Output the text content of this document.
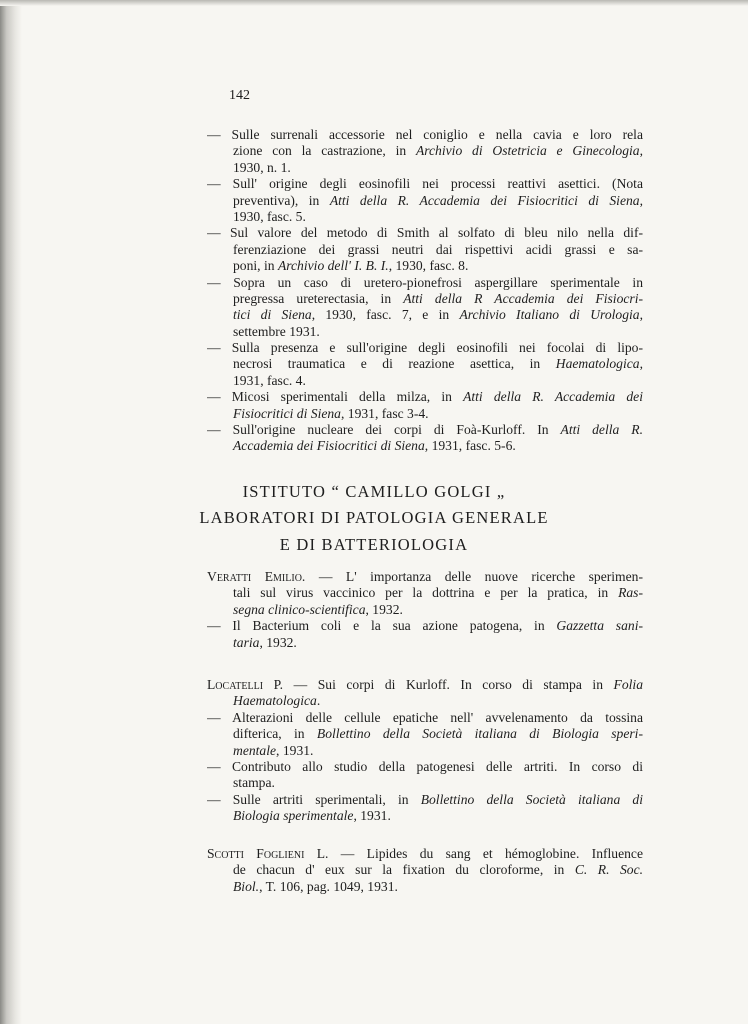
142
— Sulle surrenali accessorie nel coniglio e nella cavia e loro rela
zione con la castrazione, in Archivio di Ostetricia e Ginecologia,
1930, n. 1.
— Sull' origine degli eosinofili nei processi reattivi asettici. (Nota
preventiva), in Atti della R. Accademia dei Fisiocritici di Siena,
1930, fasc. 5.
— Sul valore del metodo di Smith al solfato di bleu nilo nella dif-
ferenziazione dei grassi neutri dai rispettivi acidi grassi e sa-
poni, in Archivio dell' I. B. I., 1930, fasc. 8.
— Sopra un caso di uretero-pionefrosi aspergillare sperimentale in
pregressa ureterectasia, in Atti della R Accademia dei Fisiocri-
tici di Siena, 1930, fasc. 7, e in Archivio Italiano di Urologia,
settembre 1931.
— Sulla presenza e sull'origine degli eosinofili nei focolai di lipo-
necrosi traumatica e di reazione asettica, in Haematologica,
1931, fasc. 4.
— Micosi sperimentali della milza, in Atti della R. Accademia dei
Fisiocritici di Siena, 1931, fasc 3-4.
— Sull'origine nucleare dei corpi di Foà-Kurloff. In Atti della R.
Accademia dei Fisiocritici di Siena, 1931, fasc. 5-6.
ISTITUTO “ CAMILLO GOLGI „
LABORATORI DI PATOLOGIA GENERALE
E DI BATTERIOLOGIA
Veratti Emilio. — L' importanza delle nuove ricerche sperimen-
tali sul virus vaccinico per la dottrina e per la pratica, in Ras-
segna clinico-scientifica, 1932.
— Il Bacterium coli e la sua azione patogena, in Gazzetta sani-
taria, 1932.
Locatelli P. — Sui corpi di Kurloff. In corso di stampa in Folia
Haematologica.
— Alterazioni delle cellule epatiche nell' avvelenamento da tossina
difterica, in Bollettino della Società italiana di Biologia speri-
mentale, 1931.
— Contributo allo studio della patogenesi delle artriti. In corso di
stampa.
— Sulle artriti sperimentali, in Bollettino della Società italiana di
Biologia sperimentale, 1931.
Scotti Foglieni L. — Lipides du sang et hémoglobine. Influence
de chacun d' eux sur la fixation du cloroforme, in C. R. Soc.
Biol., T. 106, pag. 1049, 1931.
